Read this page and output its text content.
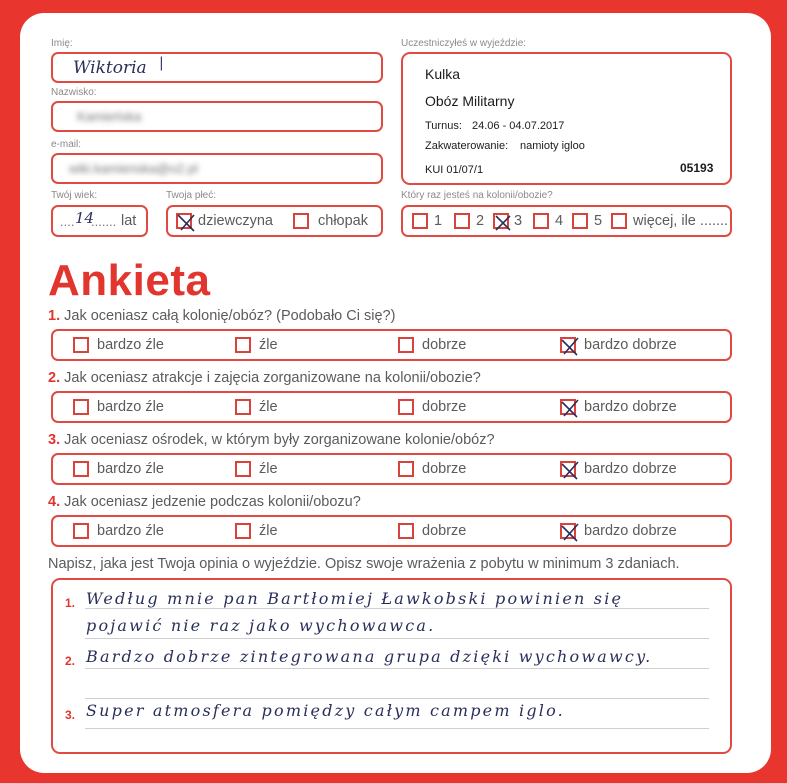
Imię:
Wiktoria |
Nazwisko:
Kamieńska
e-mail:
wiki.kamienska@o2.pl
Twój wiek:
.... 14
....... lat
Twoja płeć:
dziewczyna	chłopak
Uczestniczyłeś w wyjeździe:
Kulka
Obóz Militarny
Turnus: 24.06 - 04.07.2017
Zakwaterowanie: namioty igloo
KUI 01/07/1	05193
Który raz jesteś na kolonii/obozie?
1 2 3 4 5 więcej, ile .......
Ankieta
1. Jak oceniasz całą kolonię/obóz? (Podobało Ci się?)
bardzo źle	źle	dobrze	bardzo dobrze
2. Jak oceniasz atrakcje i zajęcia zorganizowane na kolonii/obozie?
bardzo źle	źle	dobrze	bardzo dobrze
3. Jak oceniasz ośrodek, w którym były zorganizowane kolonie/obóz?
bardzo źle	źle	dobrze	bardzo dobrze
4. Jak oceniasz jedzenie podczas kolonii/obozu?
bardzo źle	źle	dobrze	bardzo dobrze
Napisz, jaka jest Twoja opinia o wyjeździe. Opisz swoje wrażenia z pobytu w minimum 3 zdaniach.
1. Według mnie pan Bartłomiej Ławkobski powinien się
pojawić nie raz jako wychowawca.
2. Bardzo dobrze zintegrowana grupa dzięki wychowawcy.
3. Super atmosfera pomiędzy całym campem iglo.
